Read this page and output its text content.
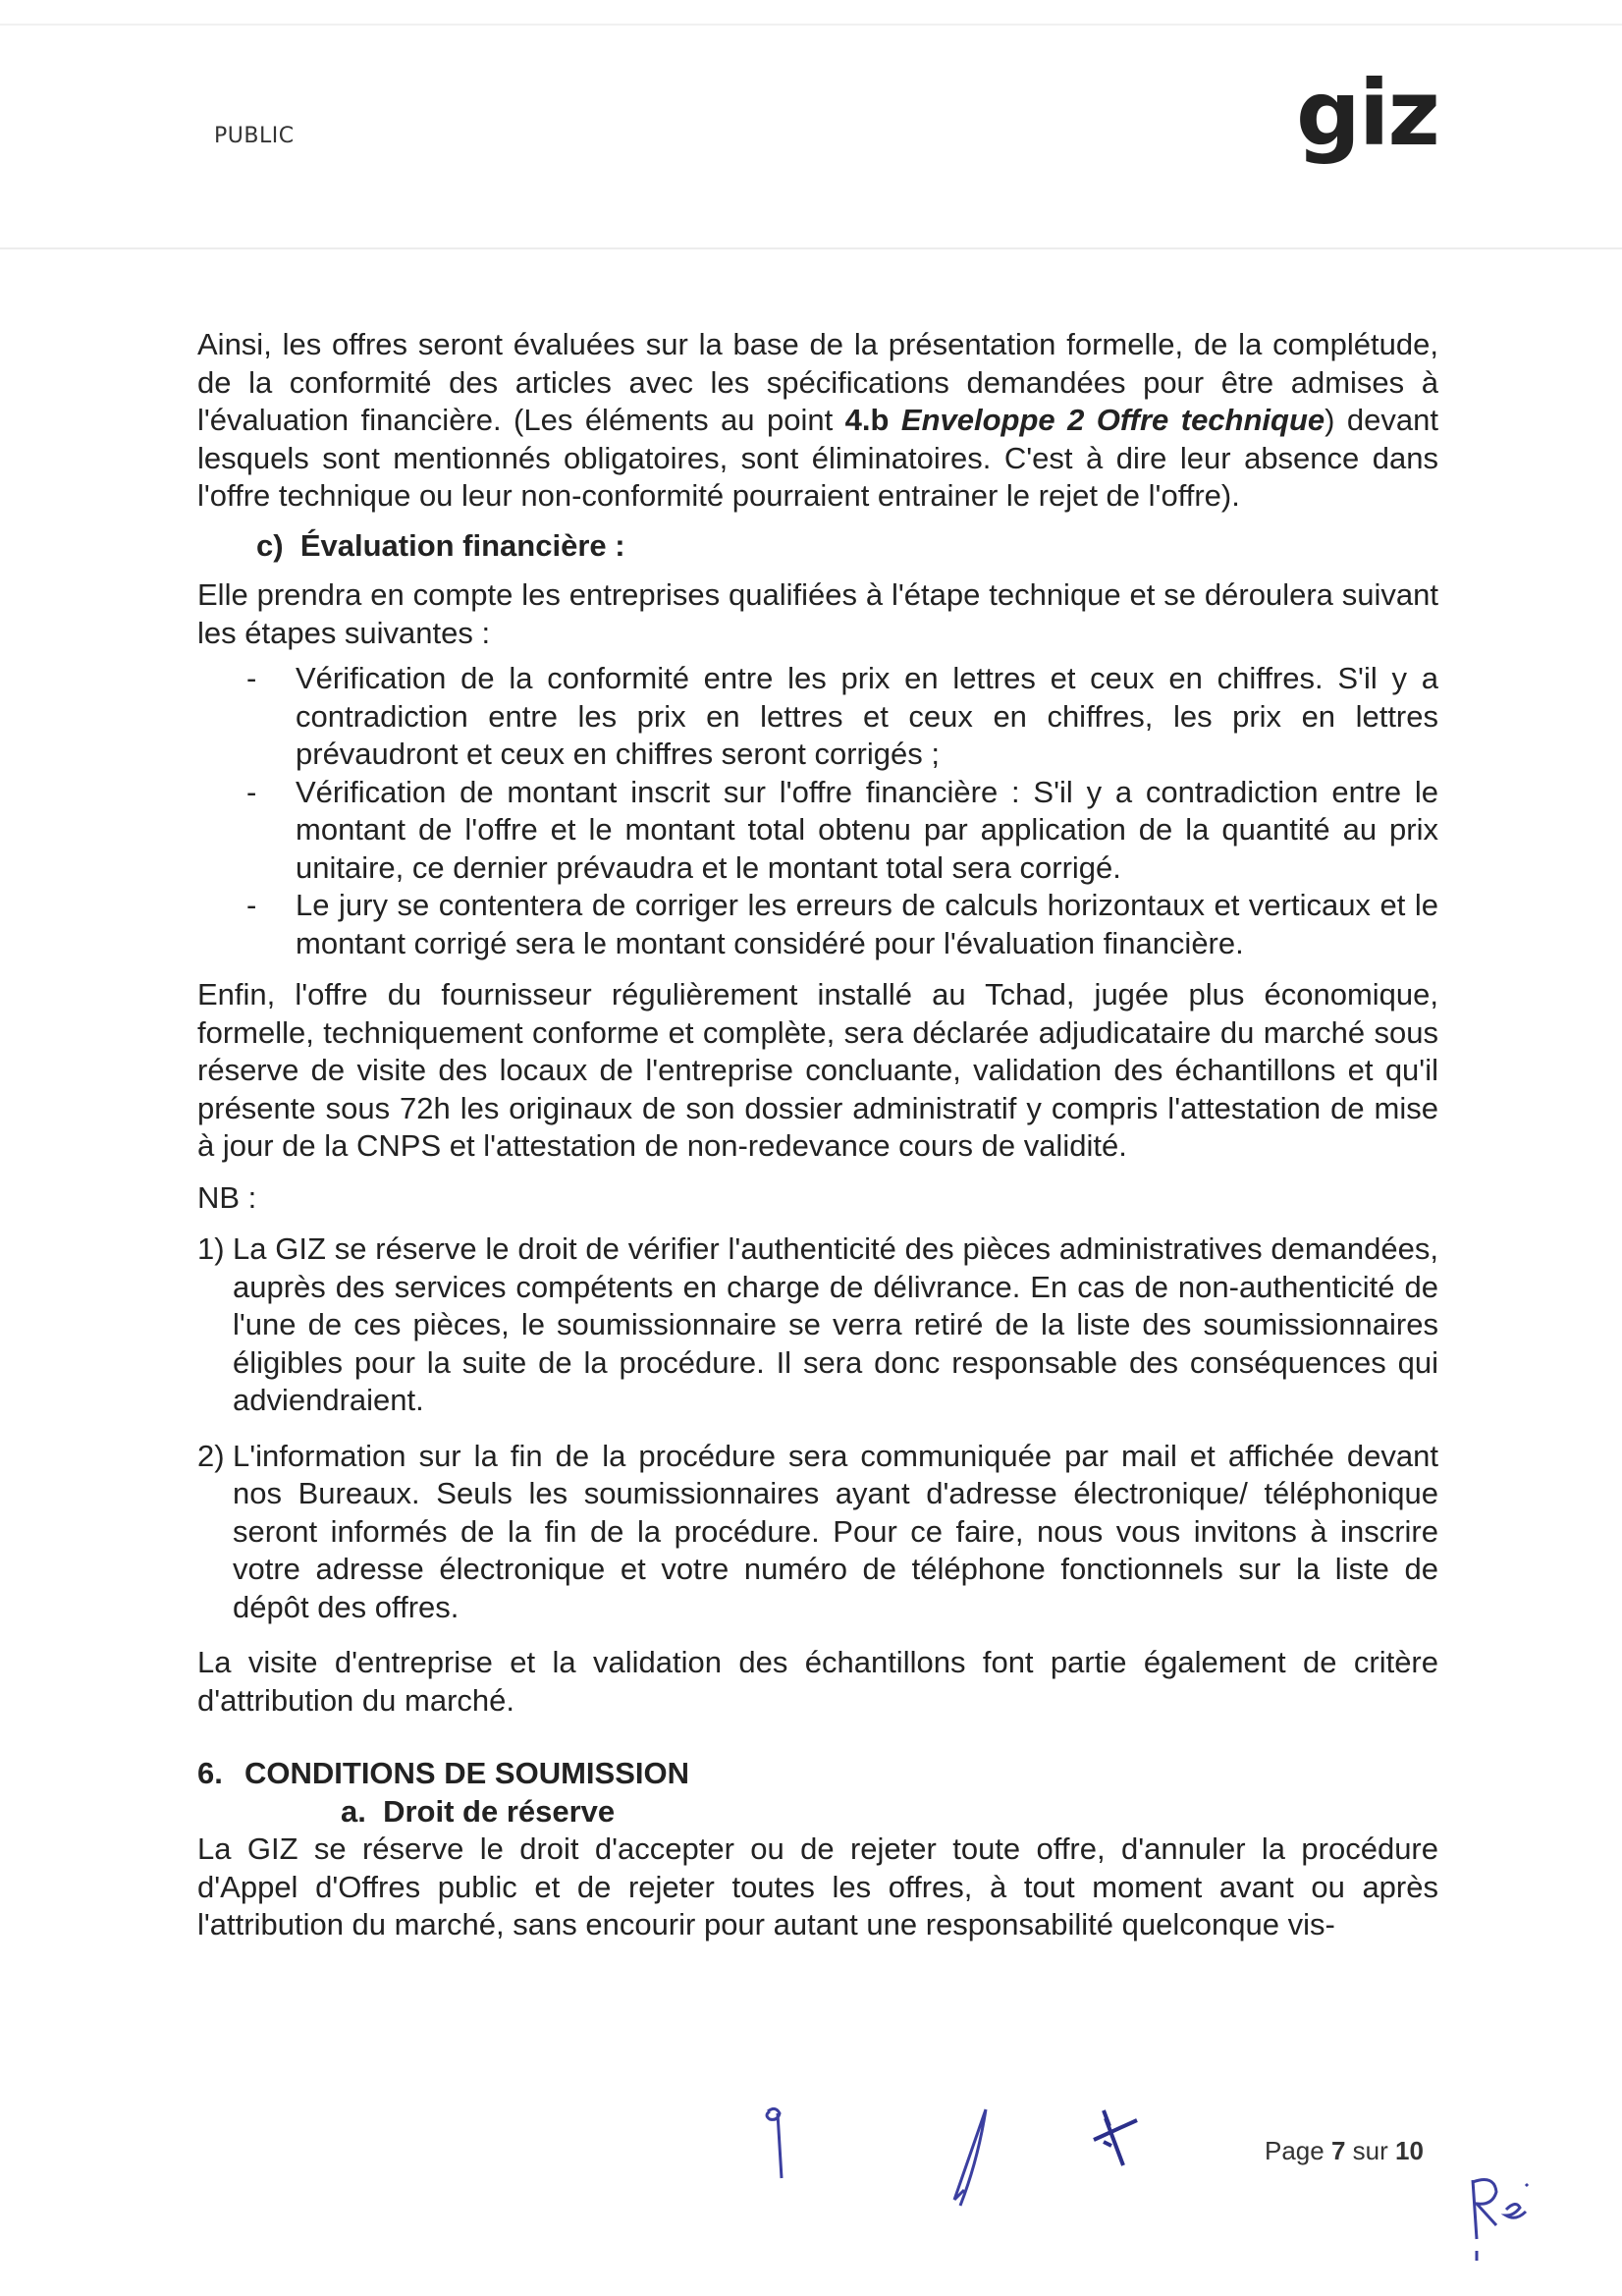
PUBLIC	giz

Ainsi, les offres seront évaluées sur la base de la présentation formelle, de la complétude, de la conformité des articles avec les spécifications demandées pour être admises à l'évaluation financière. (Les éléments au point 4.b Enveloppe 2 Offre technique) devant lesquels sont mentionnés obligatoires, sont éliminatoires. C'est à dire leur absence dans l'offre technique ou leur non-conformité pourraient entrainer le rejet de l'offre).

c) Évaluation financière :

Elle prendra en compte les entreprises qualifiées à l'étape technique et se déroulera suivant les étapes suivantes :

- Vérification de la conformité entre les prix en lettres et ceux en chiffres. S'il y a contradiction entre les prix en lettres et ceux en chiffres, les prix en lettres prévaudront et ceux en chiffres seront corrigés ;
- Vérification de montant inscrit sur l'offre financière : S'il y a contradiction entre le montant de l'offre et le montant total obtenu par application de la quantité au prix unitaire, ce dernier prévaudra et le montant total sera corrigé.
- Le jury se contentera de corriger les erreurs de calculs horizontaux et verticaux et le montant corrigé sera le montant considéré pour l'évaluation financière.

Enfin, l'offre du fournisseur régulièrement installé au Tchad, jugée plus économique, formelle, techniquement conforme et complète, sera déclarée adjudicataire du marché sous réserve de visite des locaux de l'entreprise concluante, validation des échantillons et qu'il présente sous 72h les originaux de son dossier administratif y compris l'attestation de mise à jour de la CNPS et l'attestation de non-redevance cours de validité.

NB :

1) La GIZ se réserve le droit de vérifier l'authenticité des pièces administratives demandées, auprès des services compétents en charge de délivrance. En cas de non-authenticité de l'une de ces pièces, le soumissionnaire se verra retiré de la liste des soumissionnaires éligibles pour la suite de la procédure. Il sera donc responsable des conséquences qui adviendraient.
2) L'information sur la fin de la procédure sera communiquée par mail et affichée devant nos Bureaux. Seuls les soumissionnaires ayant d'adresse électronique/ téléphonique seront informés de la fin de la procédure. Pour ce faire, nous vous invitons à inscrire votre adresse électronique et votre numéro de téléphone fonctionnels sur la liste de dépôt des offres.

La visite d'entreprise et la validation des échantillons font partie également de critère d'attribution du marché.

6. CONDITIONS DE SOUMISSION
a. Droit de réserve

La GIZ se réserve le droit d'accepter ou de rejeter toute offre, d'annuler la procédure d'Appel d'Offres public et de rejeter toutes les offres, à tout moment avant ou après l'attribution du marché, sans encourir pour autant une responsabilité quelconque vis-

Page 7 sur 10
